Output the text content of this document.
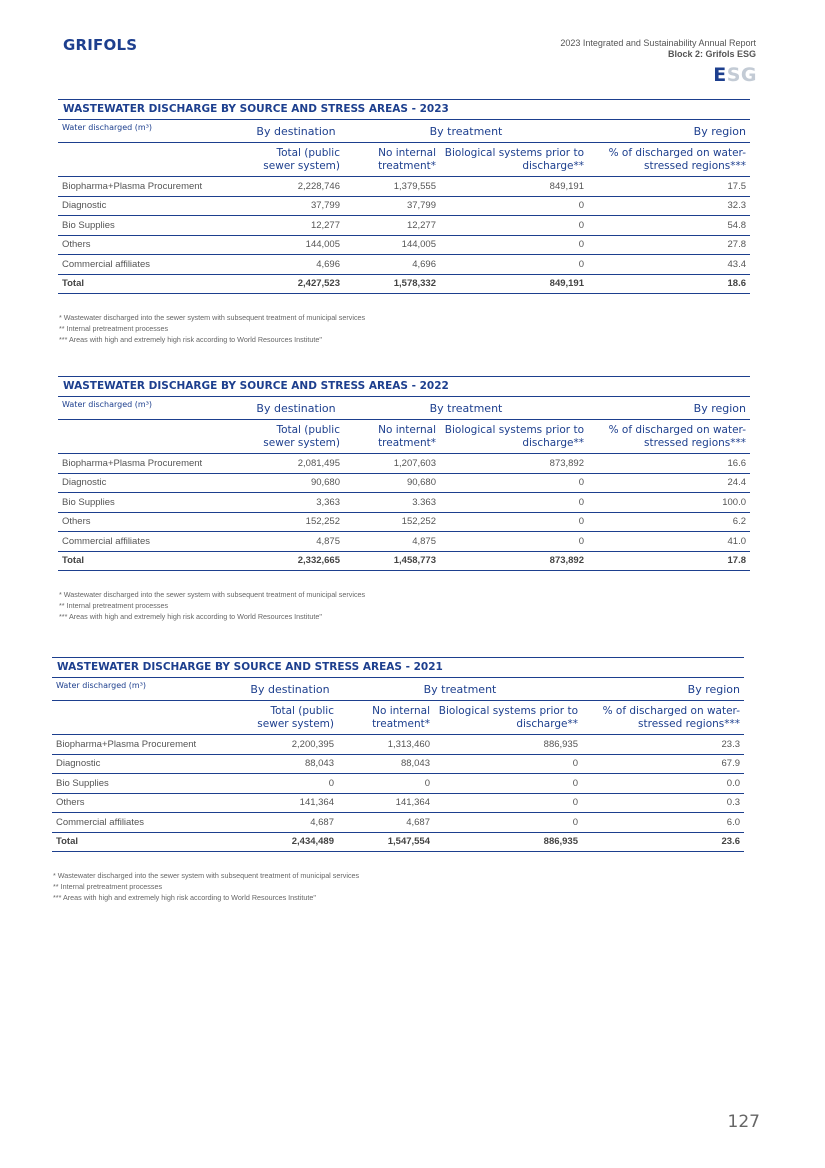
GRIFOLS	2023 Integrated and Sustainability Annual Report
Block 2: Grifols ESG
ESG
WASTEWATER DISCHARGE BY SOURCE AND STRESS AREAS - 2023
Water discharged (m³)	By destination	By treatment		By region
	Total (public sewer system)	No internal treatment*	Biological systems prior to discharge**	% of discharged on water-stressed regions***
Biopharma+Plasma Procurement	2,228,746	1,379,555	849,191	17.5
Diagnostic	37,799	37,799	0	32.3
Bio Supplies	12,277	12,277	0	54.8
Others	144,005	144,005	0	27.8
Commercial affiliates	4,696	4,696	0	43.4
Total	2,427,523	1,578,332	849,191	18.6
* Wastewater discharged into the sewer system with subsequent treatment of municipal services
** Internal pretreatment processes
*** Areas with high and extremely high risk according to World Resources Institute"
WASTEWATER DISCHARGE BY SOURCE AND STRESS AREAS - 2022
Water discharged (m³)	By destination	By treatment		By region
	Total (public sewer system)	No internal treatment*	Biological systems prior to discharge**	% of discharged on water-stressed regions***
Biopharma+Plasma Procurement	2,081,495	1,207,603	873,892	16.6
Diagnostic	90,680	90,680	0	24.4
Bio Supplies	3,363	3.363	0	100.0
Others	152,252	152,252	0	6.2
Commercial affiliates	4,875	4,875	0	41.0
Total	2,332,665	1,458,773	873,892	17.8
* Wastewater discharged into the sewer system with subsequent treatment of municipal services
** Internal pretreatment processes
*** Areas with high and extremely high risk according to World Resources Institute"
WASTEWATER DISCHARGE BY SOURCE AND STRESS AREAS - 2021
Water discharged (m³)	By destination	By treatment		By region
	Total (public sewer system)	No internal treatment*	Biological systems prior to discharge**	% of discharged on water-stressed regions***
Biopharma+Plasma Procurement	2,200,395	1,313,460	886,935	23.3
Diagnostic	88,043	88,043	0	67.9
Bio Supplies	0	0	0	0.0
Others	141,364	141,364	0	0.3
Commercial affiliates	4,687	4,687	0	6.0
Total	2,434,489	1,547,554	886,935	23.6
* Wastewater discharged into the sewer system with subsequent treatment of municipal services
** Internal pretreatment processes
*** Areas with high and extremely high risk according to World Resources Institute"
127
